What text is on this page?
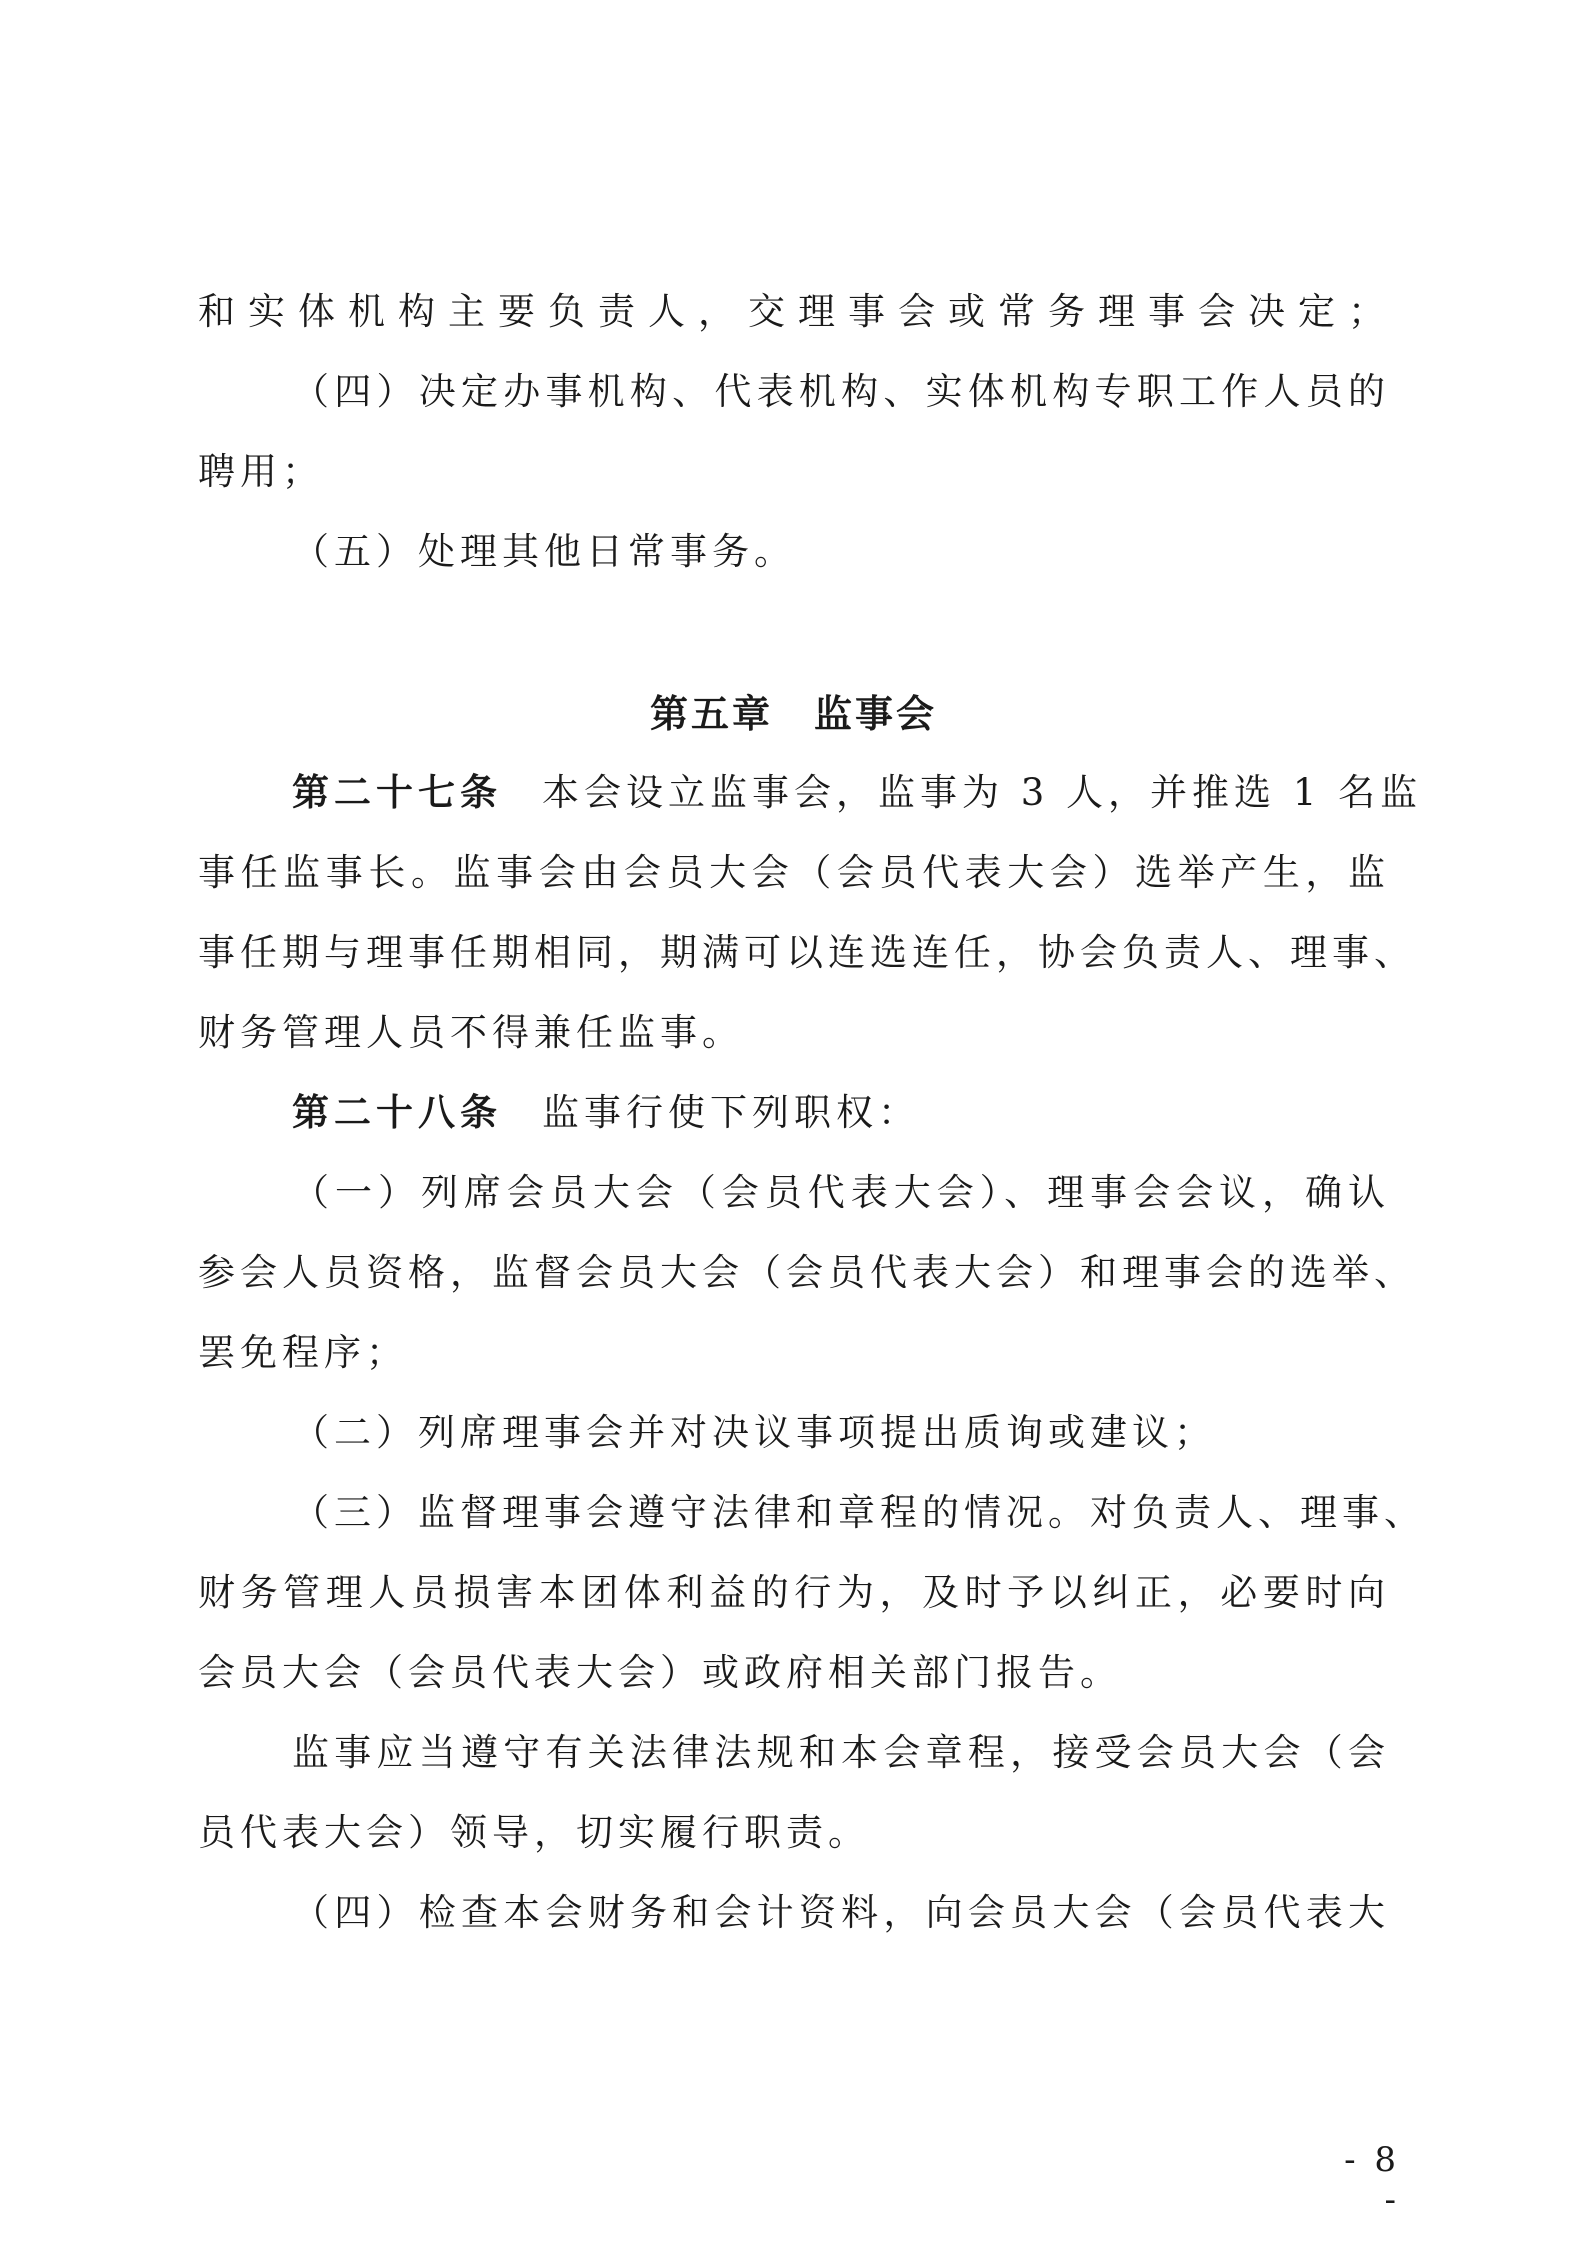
和实体机构主要负责人，交理事会或常务理事会决定；
（四）决定办事机构、代表机构、实体机构专职工作人员的
聘用；
（五）处理其他日常事务。
第五章　监事会
第二十七条 本会设立监事会，监事为 3 人，并推选 1 名监
事任监事长。监事会由会员大会（会员代表大会）选举产生，监
事任期与理事任期相同，期满可以连选连任，协会负责人、理事、
财务管理人员不得兼任监事。
第二十八条 监事行使下列职权：
（一）列席会员大会（会员代表大会）、理事会会议，确认
参会人员资格，监督会员大会（会员代表大会）和理事会的选举、
罢免程序；
（二）列席理事会并对决议事项提出质询或建议；
（三）监督理事会遵守法律和章程的情况。对负责人、理事、
财务管理人员损害本团体利益的行为，及时予以纠正，必要时向
会员大会（会员代表大会）或政府相关部门报告。
监事应当遵守有关法律法规和本会章程，接受会员大会（会
员代表大会）领导，切实履行职责。
（四）检查本会财务和会计资料，向会员大会（会员代表大
- 8 -
